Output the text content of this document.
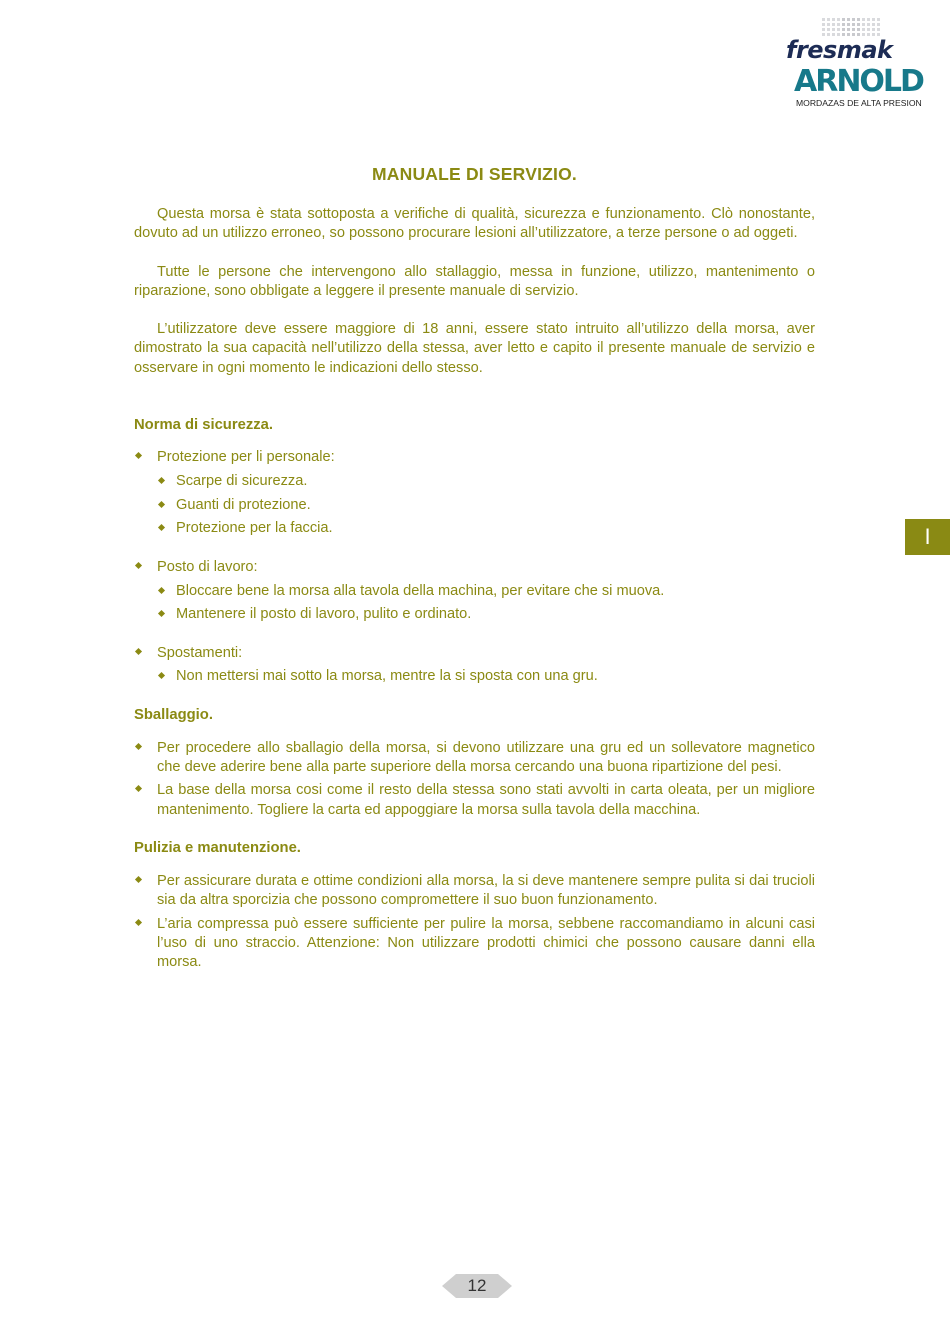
fresmak
ARNOLD
MORDAZAS DE ALTA PRESION
I
MANUALE DI SERVIZIO.

Questa morsa è stata sottoposta a verifiche di qualità, sicurezza e funzionamento. Clò nonostante, dovuto ad un utilizzo erroneo, so possono procurare lesioni all’utilizzatore, a terze persone o ad oggeti.

Tutte le persone che intervengono allo stallaggio, messa in funzione, utilizzo, mantenimento o riparazione, sono obbligate a leggere il presente manuale di servizio.

L’utilizzatore deve essere maggiore di 18 anni, essere stato intruito all’utilizzo della morsa, aver dimostrato la sua capacità nell’utilizzo della stessa, aver letto e capito il presente manuale de servizio e osservare in ogni momento le indicazioni dello stesso.

Norma di sicurezza.
Protezione per li personale:
Scarpe di sicurezza.
Guanti di protezione.
Protezione per la faccia.
Posto di lavoro:
Bloccare bene la morsa alla tavola della machina, per evitare che si muova.
Mantenere il posto di lavoro, pulito e ordinato.
Spostamenti:
Non mettersi mai sotto la morsa, mentre la si sposta con una gru.
Sballaggio.
Per procedere allo sballagio della morsa, si devono utilizzare una gru ed un sollevatore magnetico che deve aderire bene alla parte superiore della morsa cercando una buona ripartizione del pesi.
La base della morsa cosi come il resto della stessa sono stati avvolti in carta oleata, per un migliore mantenimento. Togliere la carta ed appoggiare la morsa sulla tavola della macchina.
Pulizia e manutenzione.
Per assicurare durata e ottime condizioni alla morsa, la si deve mantenere sempre pulita si dai trucioli sia da altra sporcizia che possono compromettere il suo buon funzionamento.
L’aria compressa può essere sufficiente per pulire la morsa, sebbene raccomandiamo in alcuni casi l’uso di uno straccio. Attenzione: Non utilizzare prodotti chimici che possono causare danni ella morsa.
12
